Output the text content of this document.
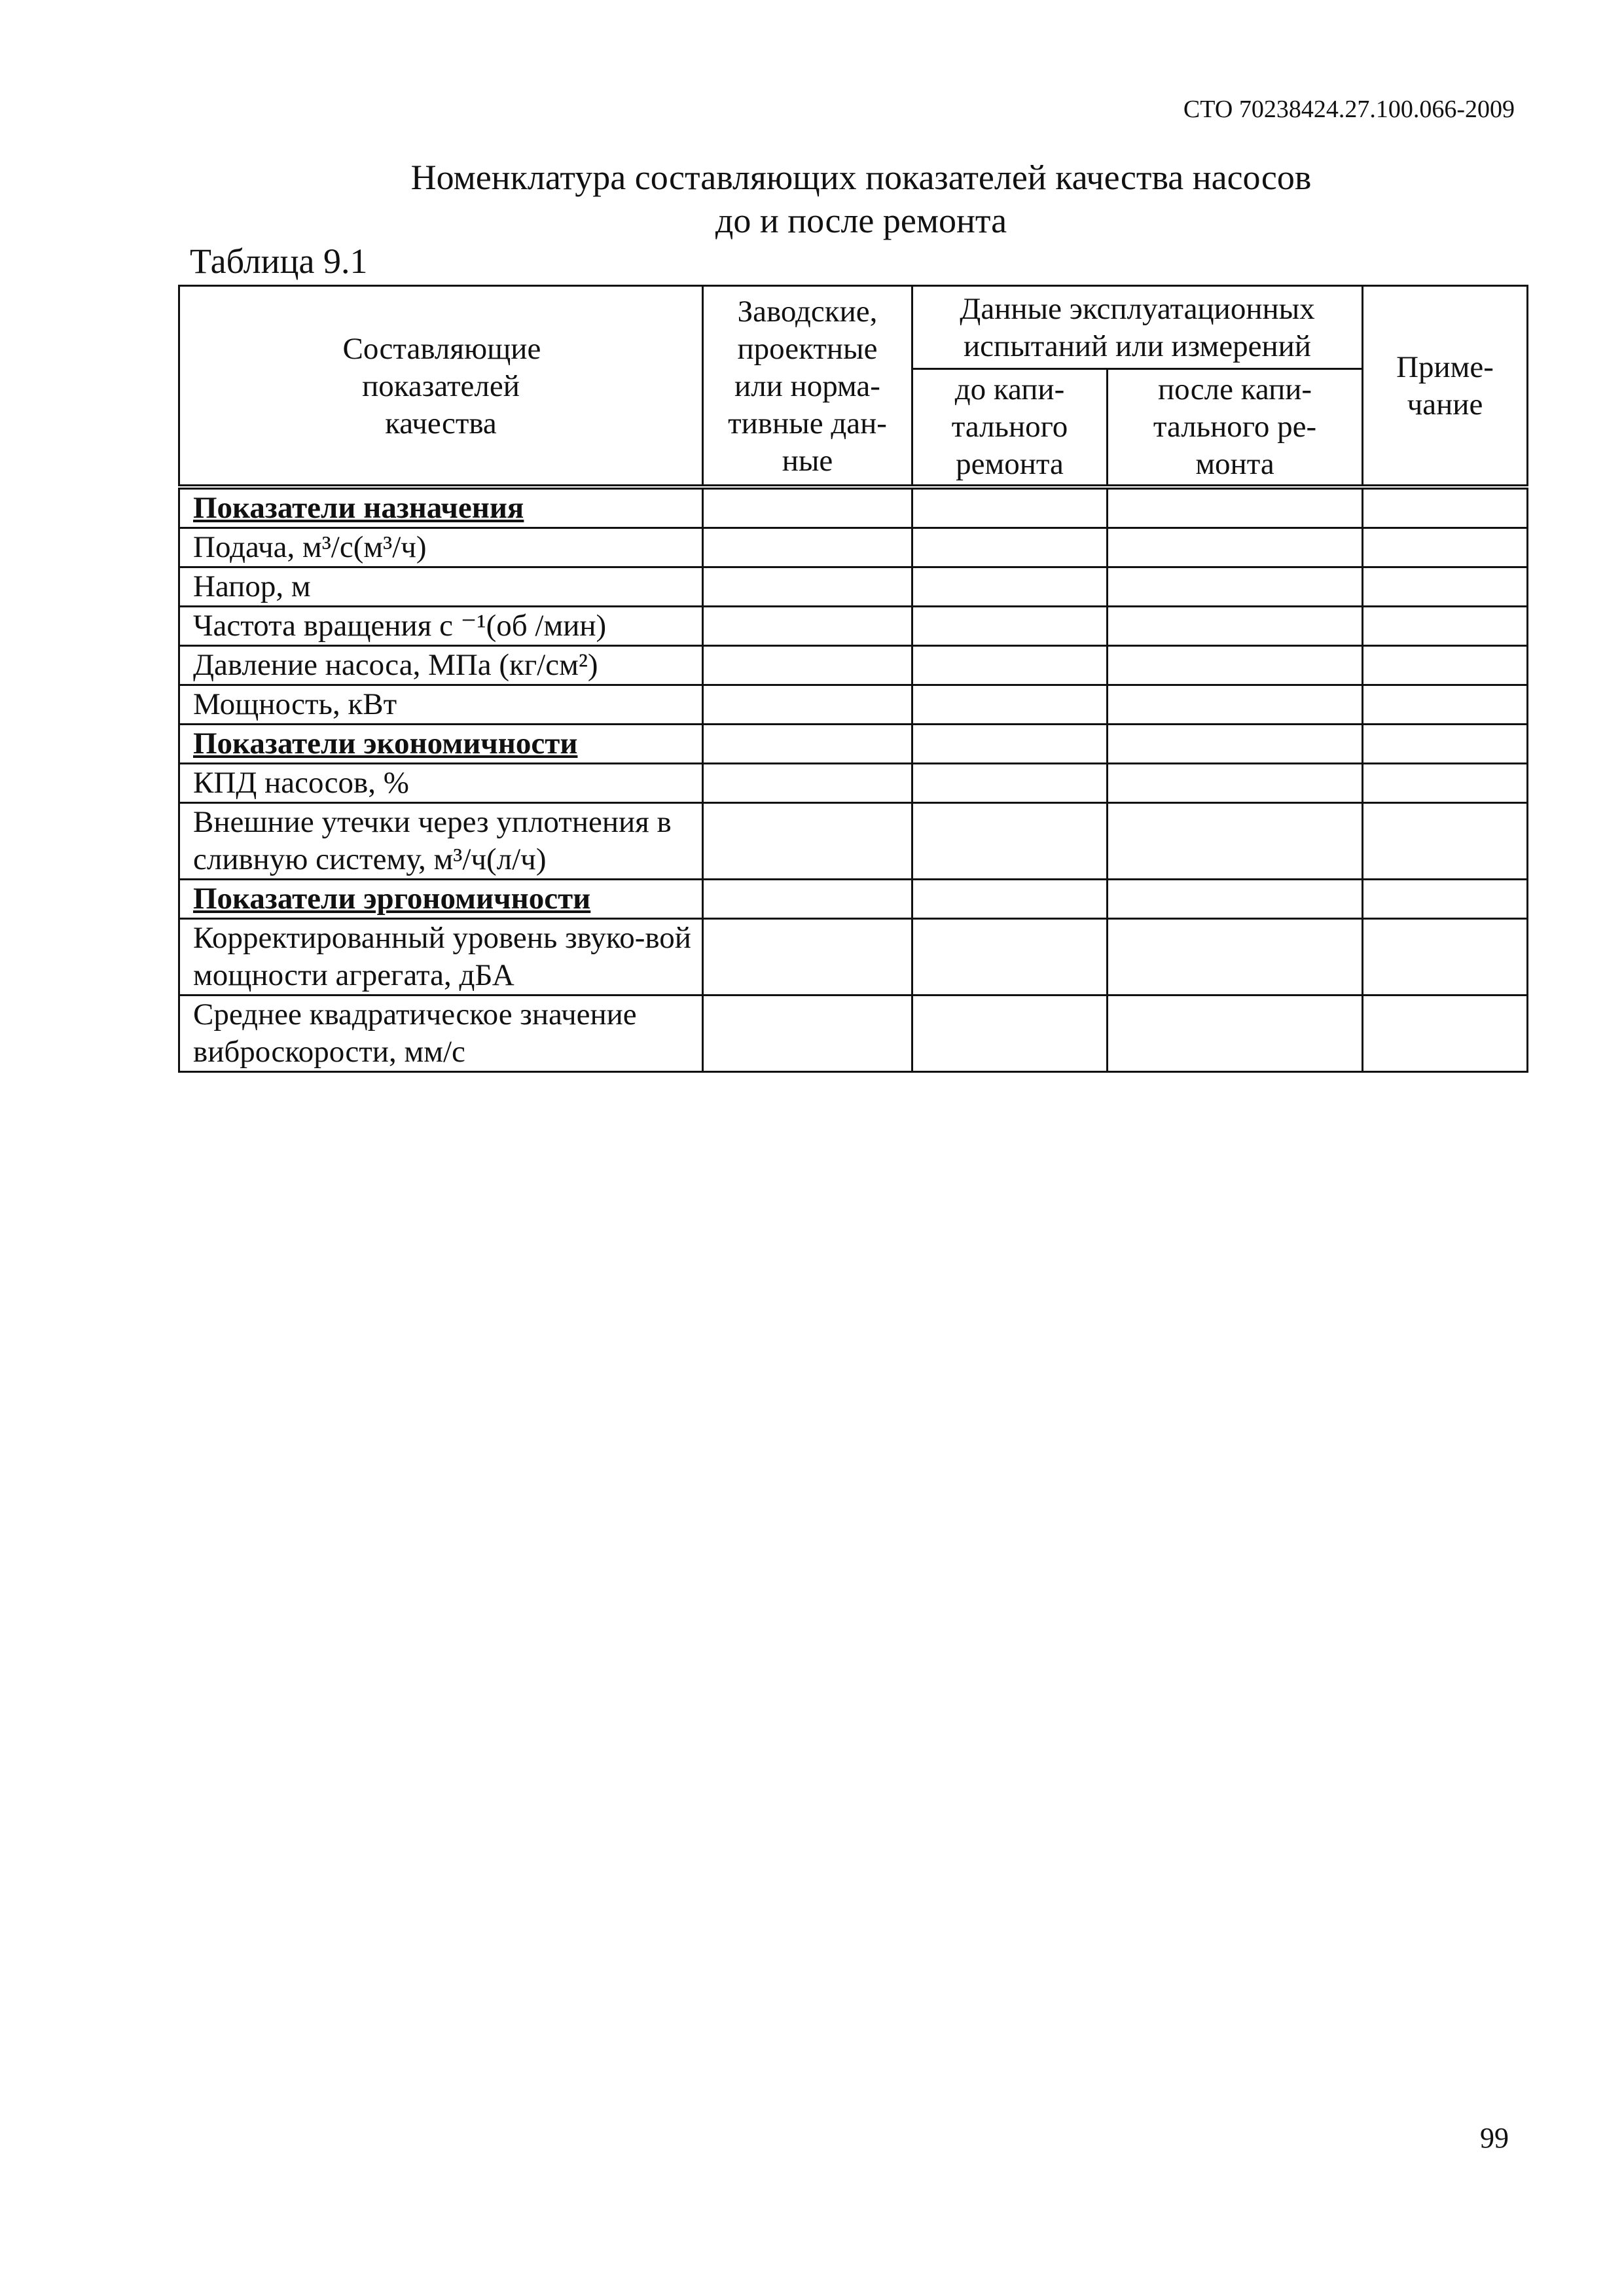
СТО 70238424.27.100.066-2009
Номенклатура составляющих показателей качества насосов
до и после ремонта
Таблица 9.1
Составляющие показателей качества	Заводские, проектные или норма-тивные дан-ные	Данные эксплуатационных испытаний или измерений		Приме-чание

		до капи-тального ремонта	после капи-тального ре-монта	

Показатели назначения				
Подача, м³/с(м³/ч)				
Напор, м				
Частота вращения с ⁻¹(об /мин)				
Давление насоса, МПа (кг/см²)				
Мощность, кВт				
Показатели экономичности				
КПД насосов, %				
Внешние утечки через уплотнения в сливную систему, м³/ч(л/ч)				
Показатели эргономичности				
Корректированный уровень звуко-вой мощности агрегата, дБА				
Среднее квадратическое значение виброскорости, мм/с				
99
